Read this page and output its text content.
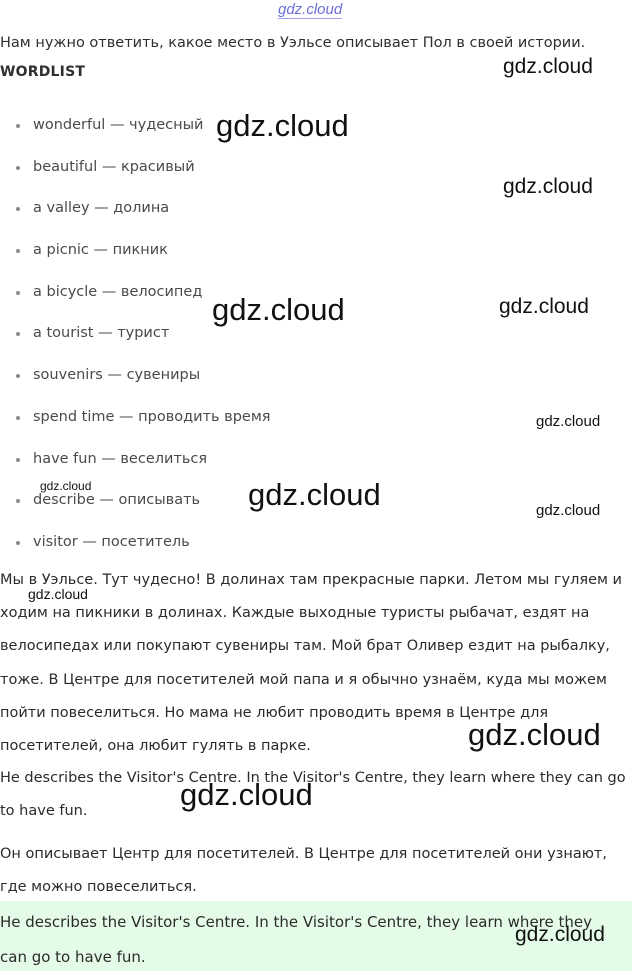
gdz.cloud
Нам нужно ответить, какое место в Уэльсе описывает Пол в своей истории.
WORDLIST
wonderful — чудесный
beautiful — красивый
a valley — долина
a picnic — пикник
a bicycle — велосипед
a tourist — турист
souvenirs — сувениры
spend time — проводить время
have fun — веселиться
describe — описывать
visitor — посетитель
Мы в Уэльсе. Тут чудесно! В долинах там прекрасные парки. Летом мы гуляем и ходим на пикники в долинах. Каждые выходные туристы рыбачат, ездят на велосипедах или покупают сувениры там. Мой брат Оливер ездит на рыбалку, тоже. В Центре для посетителей мой папа и я обычно узнаём, куда мы можем пойти повеселиться. Но мама не любит проводить время в Центре для посетителей, она любит гулять в парке.
He describes the Visitor's Centre. In the Visitor's Centre, they learn where they can go to have fun.
Он описывает Центр для посетителей. В Центре для посетителей они узнают, где можно повеселиться.
He describes the Visitor's Centre. In the Visitor's Centre, they learn where they can go to have fun.
gdz.cloud
gdz.cloud
gdz.cloud
gdz.cloud	gdz.cloud
gdz.cloud
gdz.cloud	gdz.cloud	gdz.cloud
gdz.cloud
gdz.cloud
gdz.cloud
gdz.cloud
